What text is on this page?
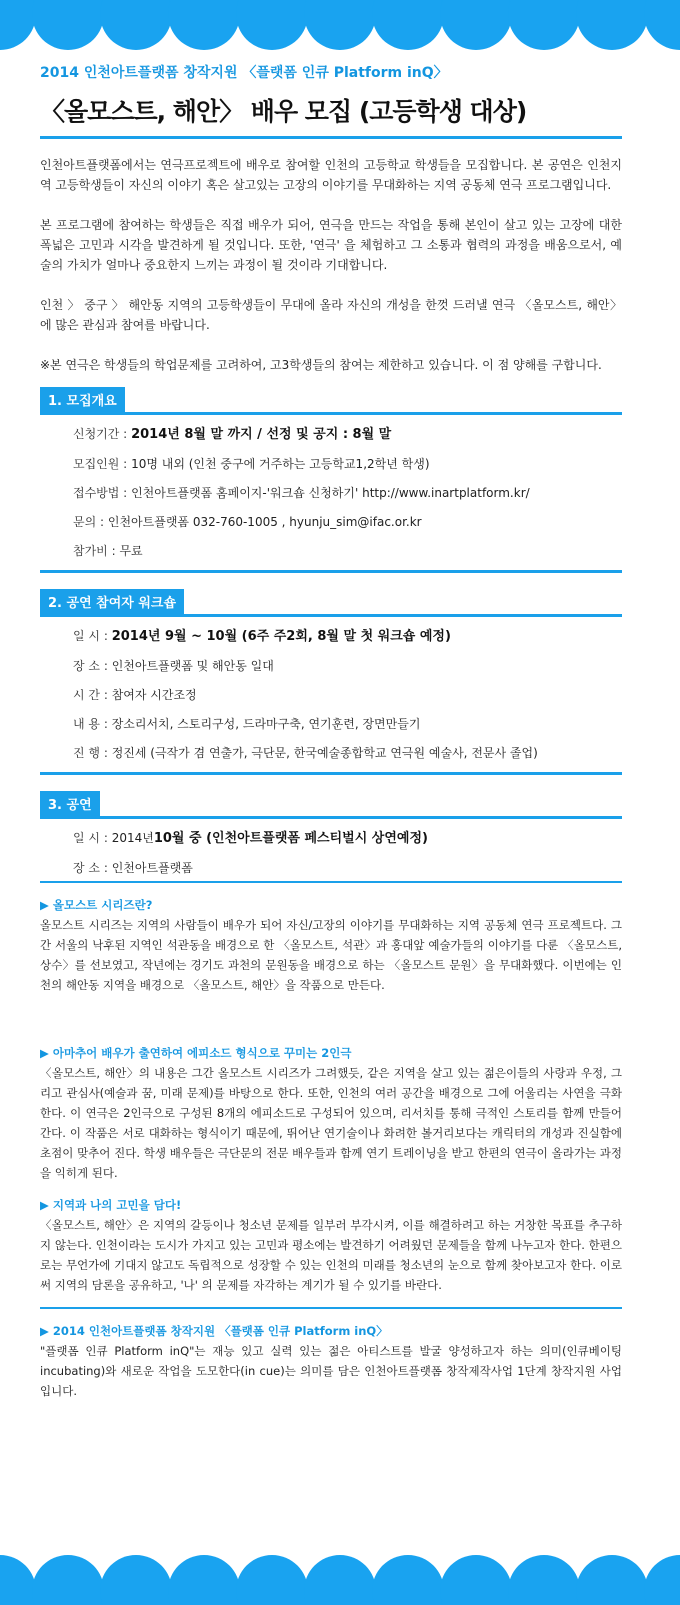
2014 인천아트플랫폼 창작지원 〈플랫폼 인큐 Platform inQ〉
〈올모스트, 해안〉 배우 모집 (고등학생 대상)

인천아트플랫폼에서는 연극프로젝트에 배우로 참여할 인천의 고등학교 학생들을 모집합니다. 본 공연은 인천지역 고등학생들이 자신의 이야기 혹은 살고있는 고장의 이야기를 무대화하는 지역 공동체 연극 프로그램입니다.

본 프로그램에 참여하는 학생들은 직접 배우가 되어, 연극을 만드는 작업을 통해 본인이 살고 있는 고장에 대한 폭넓은 고민과 시각을 발견하게 될 것입니다. 또한, '연극' 을 체험하고 그 소통과 협력의 과정을 배움으로서, 예술의 가치가 얼마나 중요한지 느끼는 과정이 될 것이라 기대합니다.

인천 〉 중구 〉 해안동 지역의 고등학생들이 무대에 올라 자신의 개성을 한껏 드러낼 연극 〈올모스트, 해안〉에 많은 관심과 참여를 바랍니다.

※본 연극은 학생들의 학업문제를 고려하여, 고3학생들의 참여는 제한하고 있습니다. 이 점 양해를 구합니다.

1. 모집개요
신청기간 : 2014년 8월 말 까지 / 선정 및 공지 : 8월 말
모집인원 : 10명 내외 (인천 중구에 거주하는 고등학교1,2학년 학생)
접수방법 : 인천아트플랫폼 홈페이지-'워크숍 신청하기' http://www.inartplatform.kr/
문의 : 인천아트플랫폼 032-760-1005 , hyunju_sim@ifac.or.kr
참가비 : 무료
2. 공연 참여자 워크숍
일 시 : 2014년 9월 ~ 10월 (6주 주2회, 8월 말 첫 워크숍 예정)
장 소 : 인천아트플랫폼 및 해안동 일대
시 간 : 참여자 시간조정
내 용 : 장소리서치, 스토리구성, 드라마구축, 연기훈련, 장면만들기
진 행 : 정진세 (극작가 겸 연출가, 극단문, 한국예술종합학교 연극원 예술사, 전문사 졸업)
3. 공연
일 시 : 2014년10월 중 (인천아트플랫폼 페스티벌시 상연예정)
장 소 : 인천아트플랫폼
▶ 올모스트 시리즈란?

올모스트 시리즈는 지역의 사람들이 배우가 되어 자신/고장의 이야기를 무대화하는 지역 공동체 연극 프로젝트다. 그간 서울의 낙후된 지역인 석관동을 배경으로 한 〈올모스트, 석관〉과 홍대앞 예술가들의 이야기를 다룬 〈올모스트, 상수〉를 선보였고, 작년에는 경기도 과천의 문원동을 배경으로 하는 〈올모스트 문원〉을 무대화했다. 이번에는 인천의 해안동 지역을 배경으로 〈올모스트, 해안〉을 작품으로 만든다.

▶ 아마추어 배우가 출연하여 에피소드 형식으로 꾸미는 2인극

〈올모스트, 해안〉의 내용은 그간 올모스트 시리즈가 그려했듯, 같은 지역을 살고 있는 젊은이들의 사랑과 우정, 그리고 관심사(예술과 꿈, 미래 문제)를 바탕으로 한다. 또한, 인천의 여러 공간을 배경으로 그에 어울리는 사연을 극화한다. 이 연극은 2인극으로 구성된 8개의 에피소드로 구성되어 있으며, 리서치를 통해 극적인 스토리를 함께 만들어간다. 이 작품은 서로 대화하는 형식이기 때문에, 뛰어난 연기술이나 화려한 볼거리보다는 캐릭터의 개성과 진실함에 초점이 맞추어 진다. 학생 배우들은 극단문의 전문 배우들과 함께 연기 트레이닝을 받고 한편의 연극이 올라가는 과정을 익히게 된다.

▶ 지역과 나의 고민을 담다!

〈올모스트, 해안〉은 지역의 갈등이나 청소년 문제를 일부러 부각시켜, 이를 해결하려고 하는 거창한 목표를 추구하지 않는다. 인천이라는 도시가 가지고 있는 고민과 평소에는 발견하기 어려웠던 문제들을 함께 나누고자 한다. 한편으로는 무언가에 기대지 않고도 독립적으로 성장할 수 있는 인천의 미래를 청소년의 눈으로 함께 찾아보고자 한다. 이로써 지역의 담론을 공유하고, '나' 의 문제를 자각하는 계기가 될 수 있기를 바란다.

▶ 2014 인천아트플랫폼 창작지원 〈플랫폼 인큐 Platform inQ〉

"플랫폼 인큐 Platform inQ"는 재능 있고 실력 있는 젊은 아티스트를 발굴 양성하고자 하는 의미(인큐베이팅 incubating)와 새로운 작업을 도모한다(in cue)는 의미를 담은 인천아트플랫폼 창작제작사업 1단계 창작지원 사업 입니다.
